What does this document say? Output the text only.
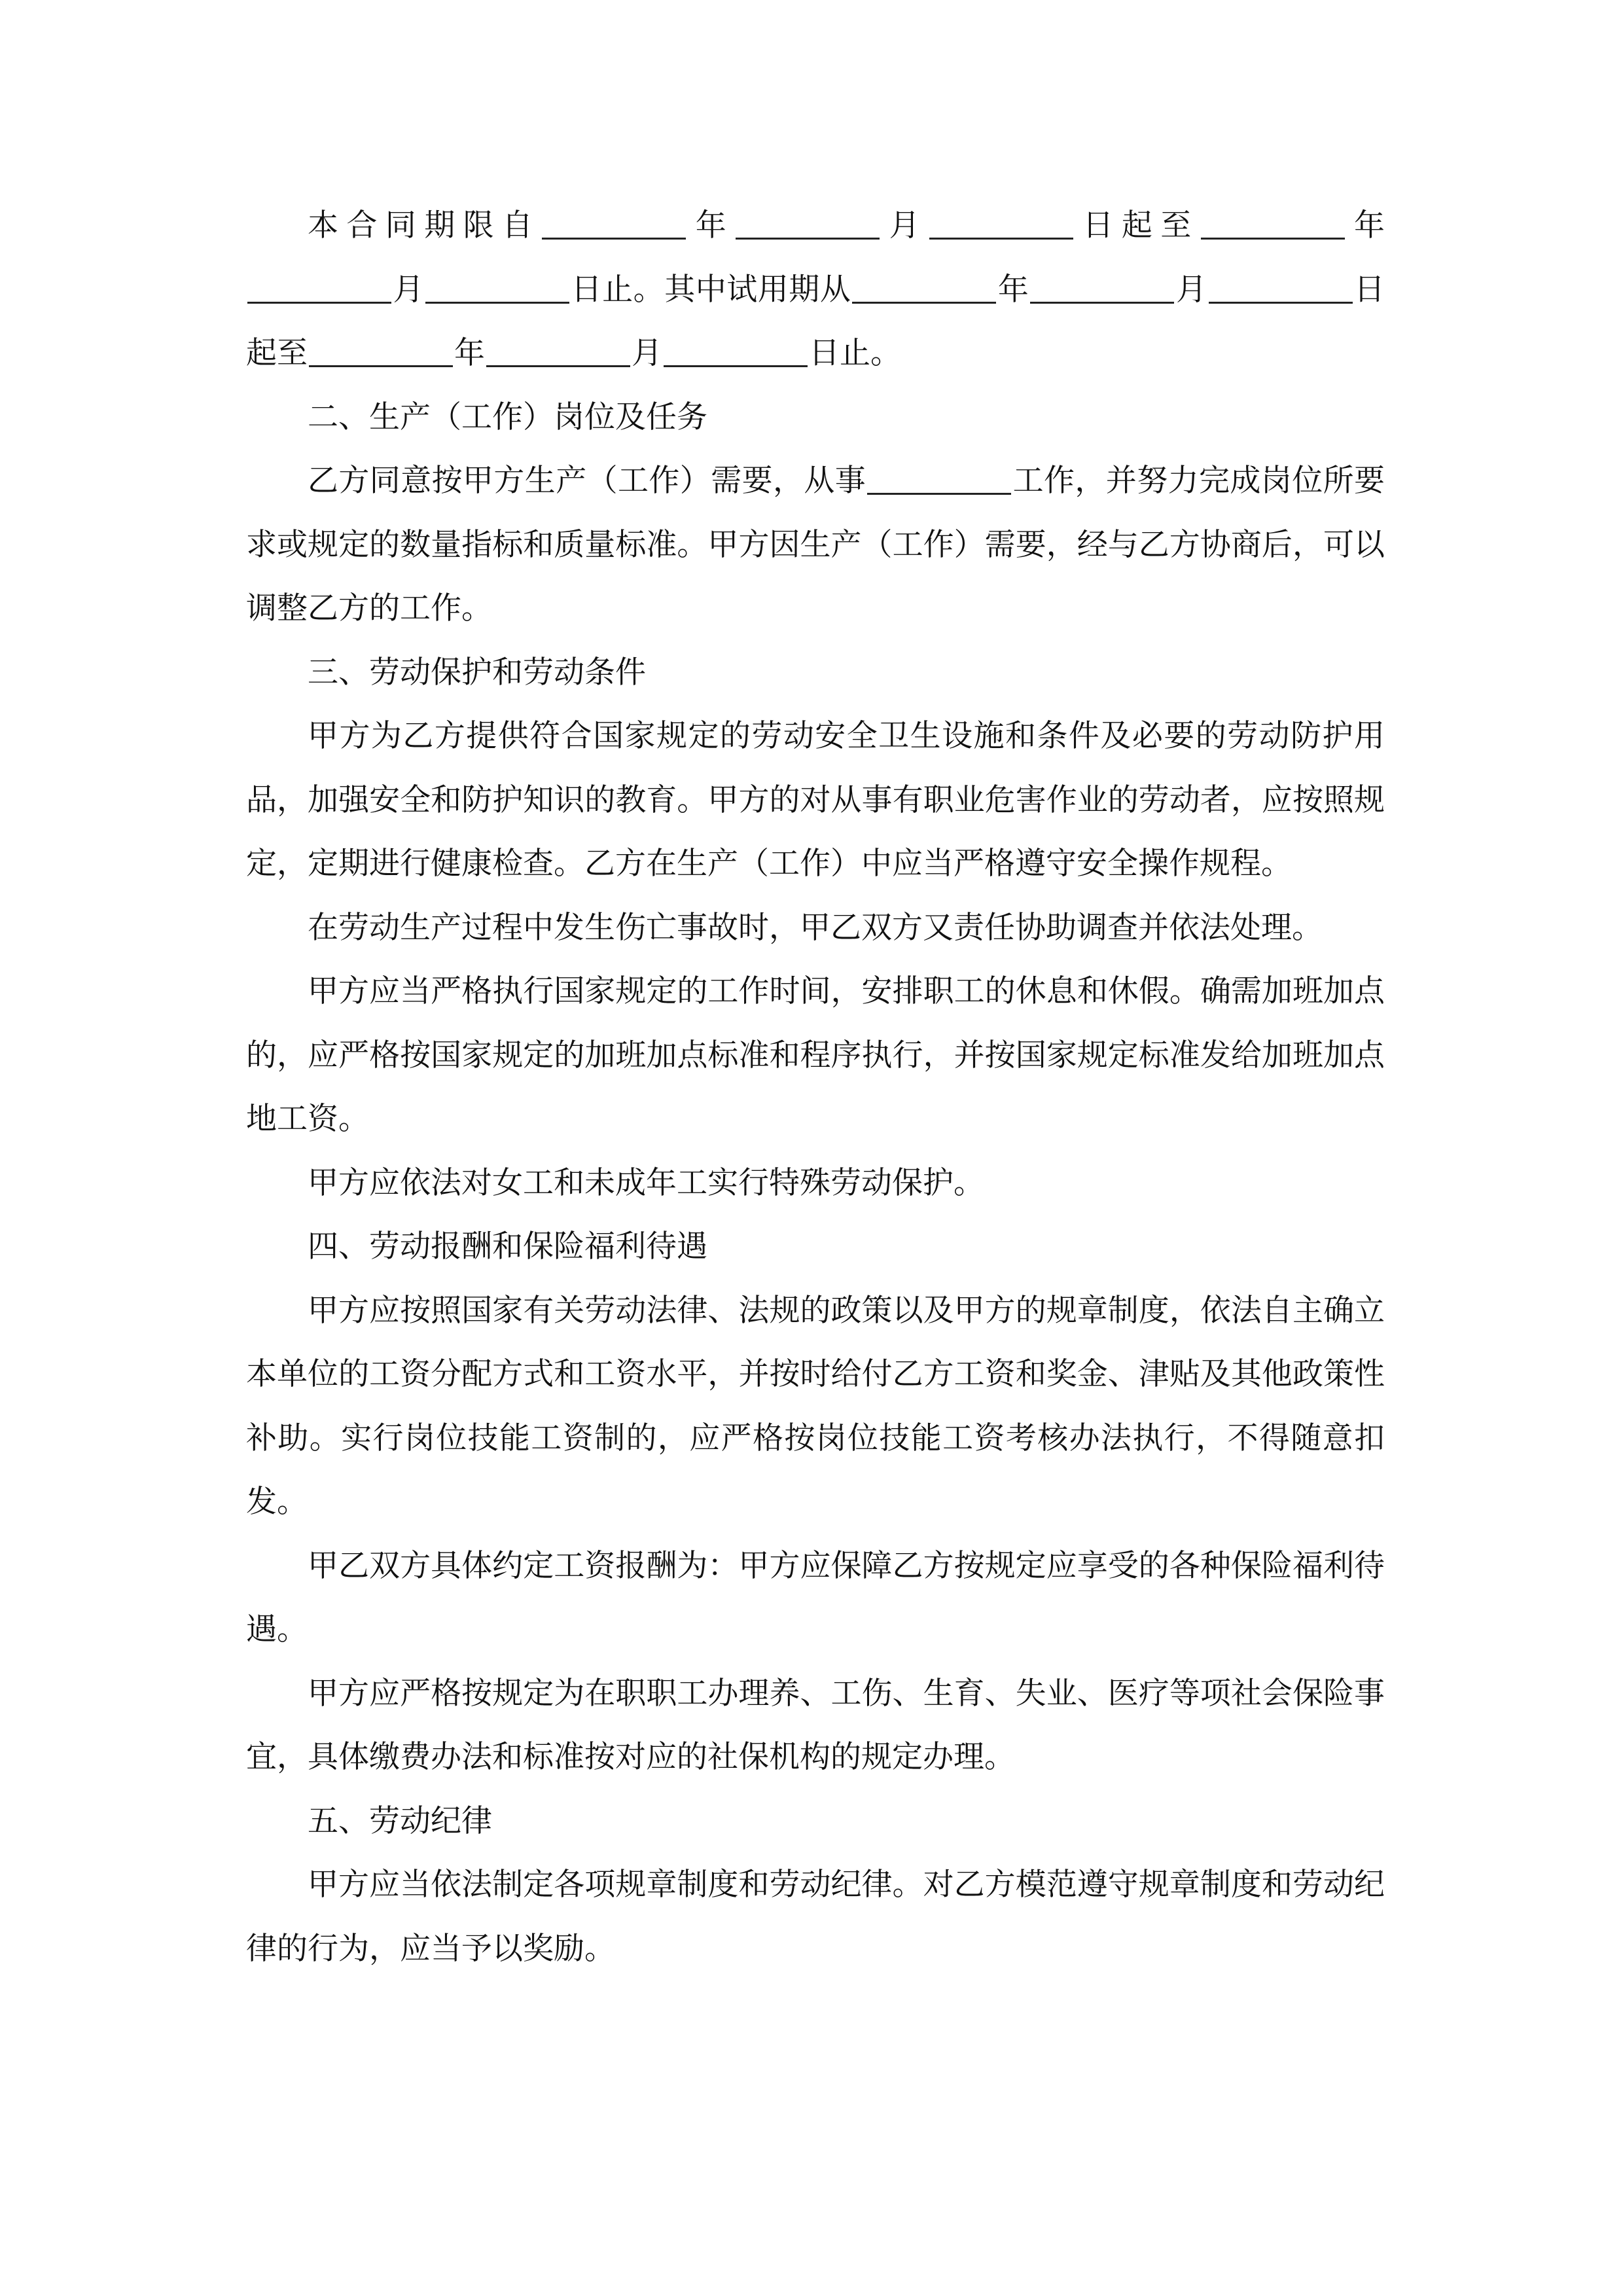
本合同期限自	年	月	日起至	年月	日止。其中试用期从	年	月	日起至	年	月	日止。

二、生产（工作）岗位及任务

乙方同意按甲方生产（工作）需要，从事	工作，并努力完成岗位所要求或规定的数量指标和质量标准。甲方因生产（工作）需要，经与乙方协商后，可以调整乙方的工作。

三、劳动保护和劳动条件

甲方为乙方提供符合国家规定的劳动安全卫生设施和条件及必要的劳动防护用品，加强安全和防护知识的教育。甲方的对从事有职业危害作业的劳动者，应按照规定，定期进行健康检查。乙方在生产（工作）中应当严格遵守安全操作规程。

在劳动生产过程中发生伤亡事故时，甲乙双方又责任协助调查并依法处理。

甲方应当严格执行国家规定的工作时间，安排职工的休息和休假。确需加班加点的，应严格按国家规定的加班加点标准和程序执行，并按国家规定标准发给加班加点地工资。

甲方应依法对女工和未成年工实行特殊劳动保护。

四、劳动报酬和保险福利待遇

甲方应按照国家有关劳动法律、法规的政策以及甲方的规章制度，依法自主确立本单位的工资分配方式和工资水平，并按时给付乙方工资和奖金、津贴及其他政策性补助。实行岗位技能工资制的，应严格按岗位技能工资考核办法执行，不得随意扣发。

甲乙双方具体约定工资报酬为：甲方应保障乙方按规定应享受的各种保险福利待遇。

甲方应严格按规定为在职职工办理养、工伤、生育、失业、医疗等项社会保险事宜，具体缴费办法和标准按对应的社保机构的规定办理。

五、劳动纪律

甲方应当依法制定各项规章制度和劳动纪律。对乙方模范遵守规章制度和劳动纪律的行为，应当予以奖励。
